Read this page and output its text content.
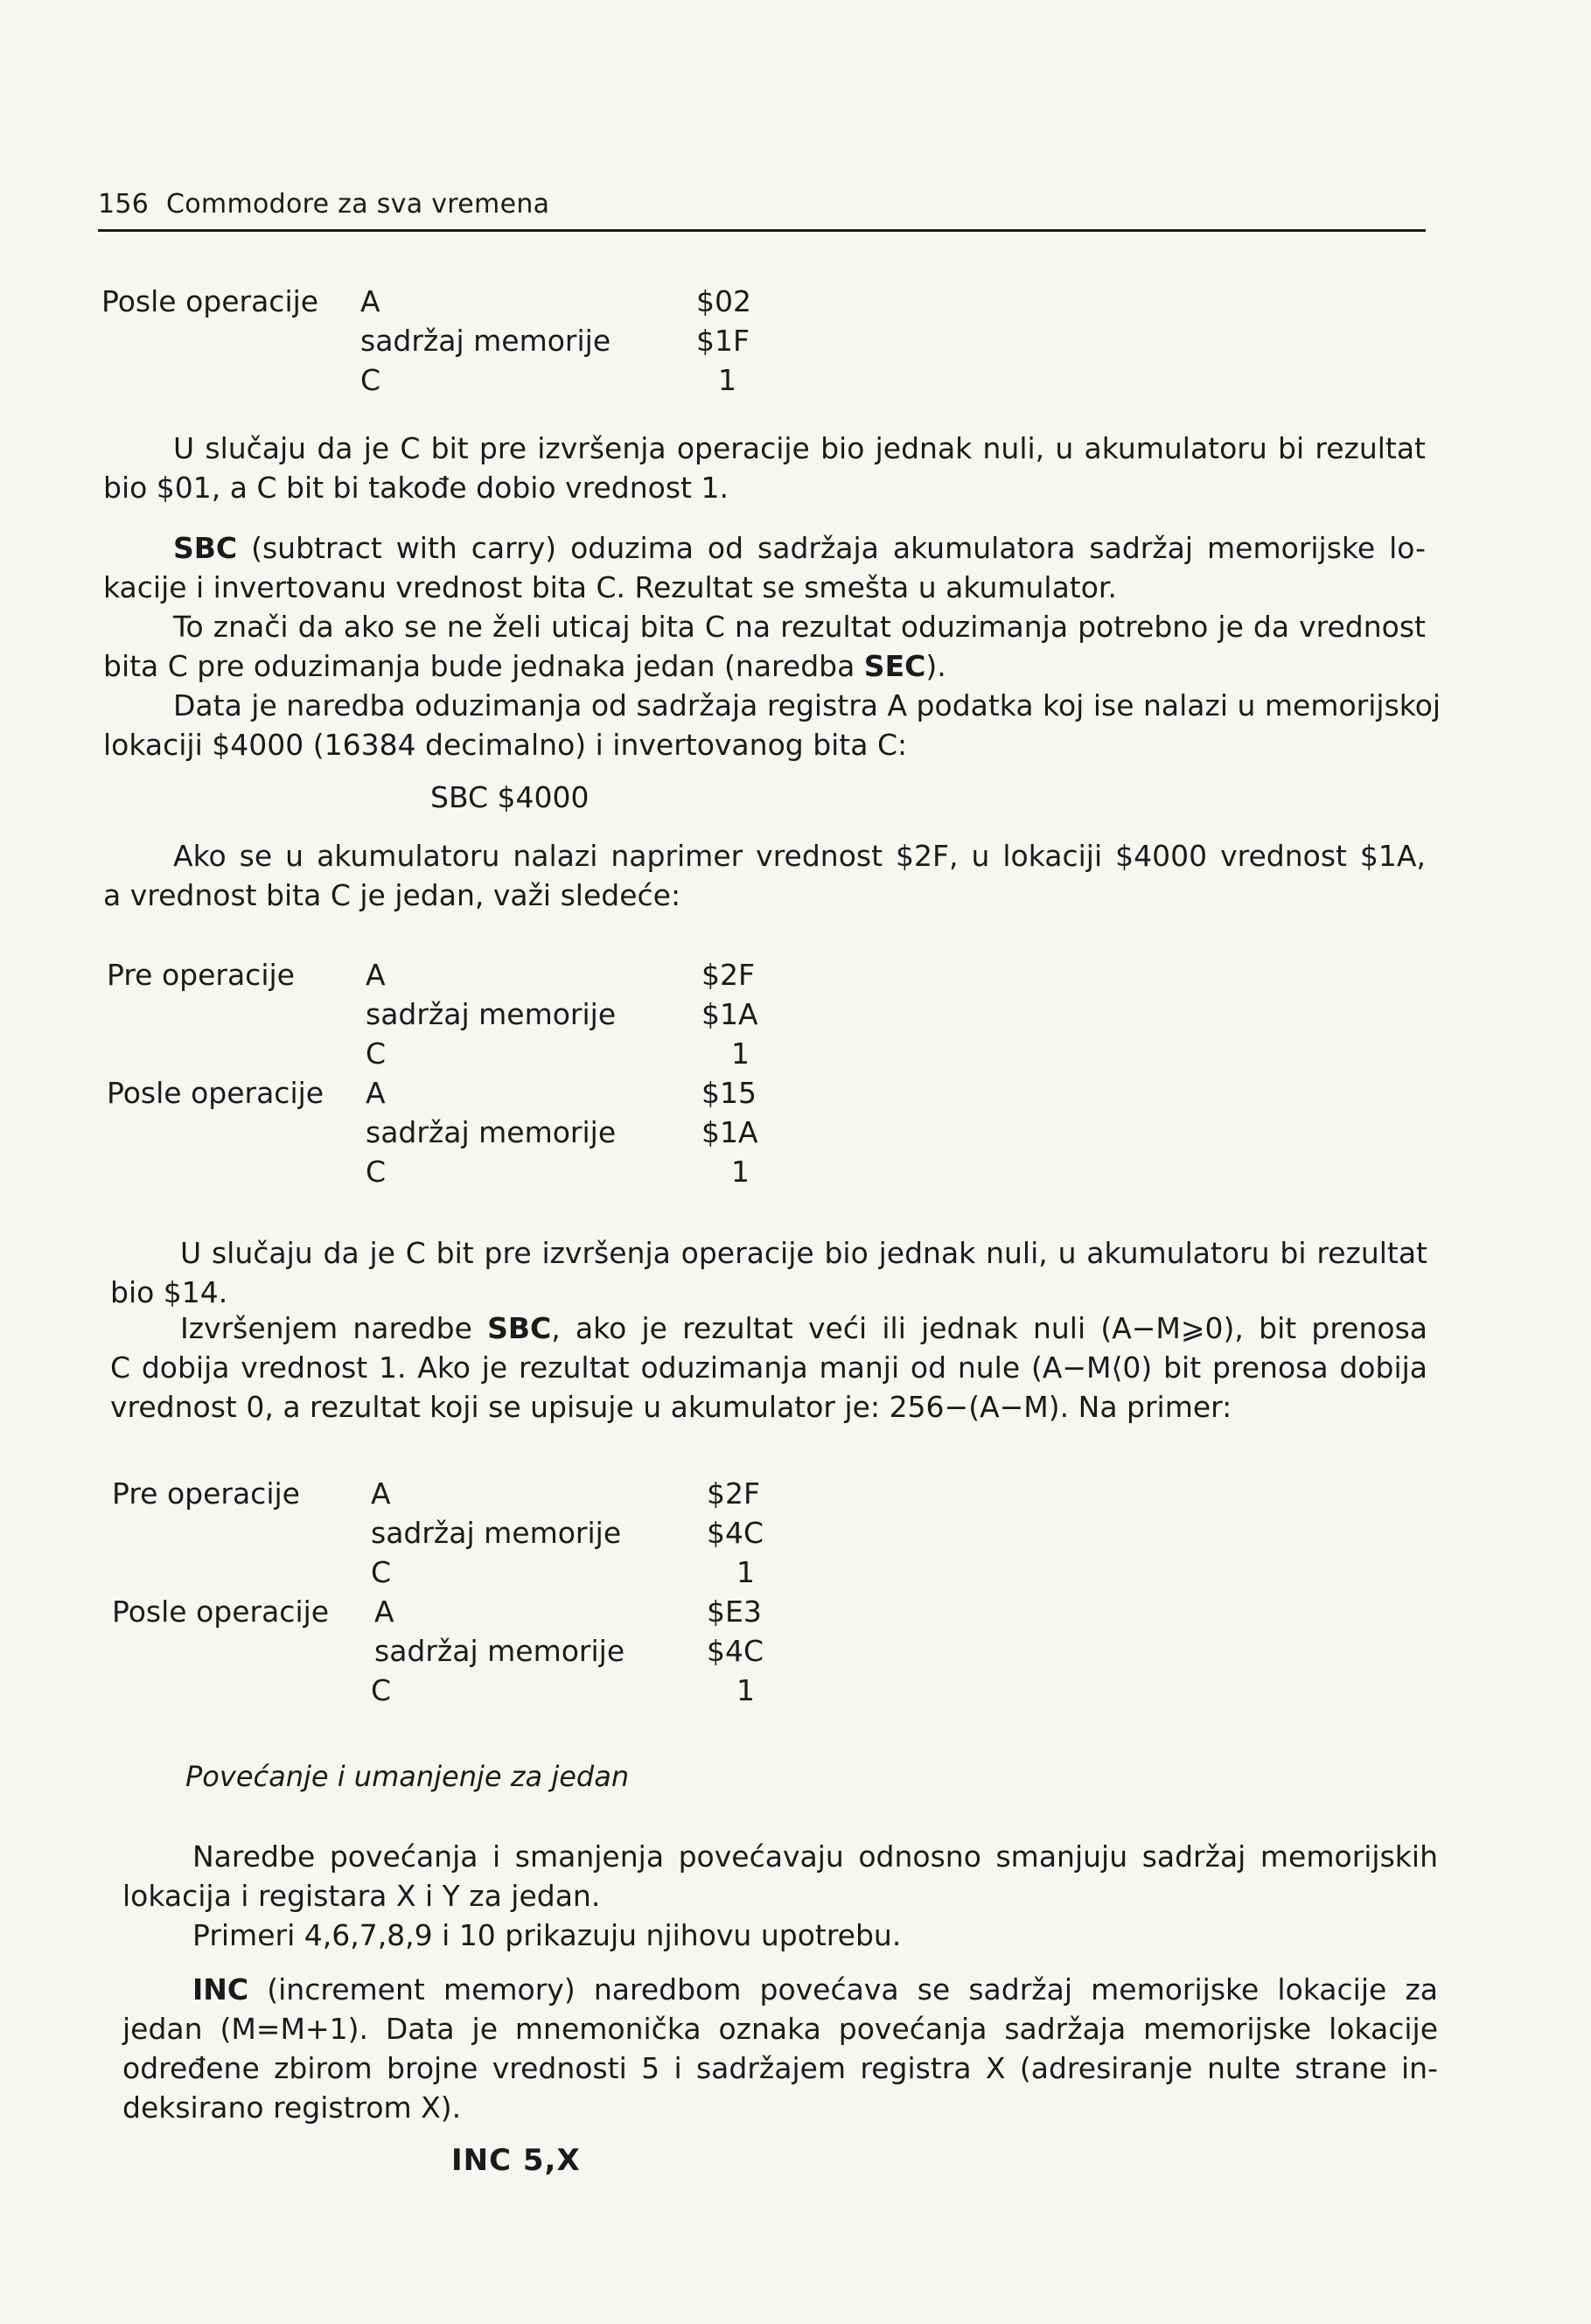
156 Commodore za sva vremena
Posle operacije A	$02
sadržaj memorije	$1F
C	1
U slučaju da je C bit pre izvršenja operacije bio jednak nuli, u akumulatoru bi rezultat
bio $01, a C bit bi takođe dobio vrednost 1.
SBC (subtract with carry) oduzima od sadržaja akumulatora sadržaj memorijske lo-
kacije i invertovanu vrednost bita C. Rezultat se smešta u akumulator.
To znači da ako se ne želi uticaj bita C na rezultat oduzimanja potrebno je da vrednost
bita C pre oduzimanja bude jednaka jedan (naredba SEC).
Data je naredba oduzimanja od sadržaja registra A podatka koj ise nalazi u memorijskoj
lokaciji $4000 (16384 decimalno) i invertovanog bita C:
SBC $4000
Ako se u akumulatoru nalazi naprimer vrednost $2F, u lokaciji $4000 vrednost $1A,
a vrednost bita C je jedan, važi sledeće:
Pre operacije A	$2F
sadržaj memorije	$1A
C	1
Posle operacije A	$15
sadržaj memorije	$1A
C	1
U slučaju da je C bit pre izvršenja operacije bio jednak nuli, u akumulatoru bi rezultat
bio $14.
Izvršenjem naredbe SBC, ako je rezultat veći ili jednak nuli (A−M⩾0), bit prenosa
C dobija vrednost 1. Ako je rezultat oduzimanja manji od nule (A−M⟨0) bit prenosa dobija
vrednost 0, a rezultat koji se upisuje u akumulator je: 256−(A−M). Na primer:
Pre operacije A	$2F
sadržaj memorije	$4C
C	1
Posle operacije A	$E3
sadržaj memorije	$4C
C	1
Povećanje i umanjenje za jedan
Naredbe povećanja i smanjenja povećavaju odnosno smanjuju sadržaj memorijskih
lokacija i registara X i Y za jedan.
Primeri 4,6,7,8,9 i 10 prikazuju njihovu upotrebu.
INC (increment memory) naredbom povećava se sadržaj memorijske lokacije za
jedan (M=M+1). Data je mnemonička oznaka povećanja sadržaja memorijske lokacije
određene zbirom brojne vrednosti 5 i sadržajem registra X (adresiranje nulte strane in-
deksirano registrom X).
INC 5,X
